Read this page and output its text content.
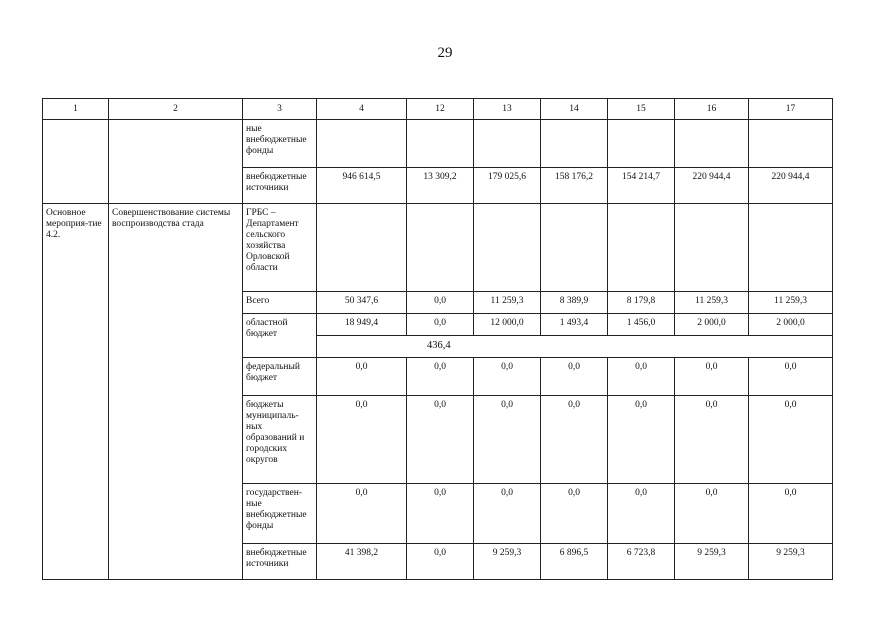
29
1	2	3	4	12	13	14	15	16	17
		ные внебюджетные фонды							
		внебюджетные источники	946 614,5	13 309,2	179 025,6	158 176,2	154 214,7	220 944,4	220 944,4
Основное мероприя-тие 4.2.	Совершенствование системы воспроизводства стада	ГРБС – Департамент сельского хозяйства Орловской области							
		Всего	50 347,6	0,0	11 259,3	8 389,9	8 179,8	11 259,3	11 259,3
		областной бюджет	18 949,4	0,0	12 000,0	1 493,4	1 456,0	2 000,0	2 000,0
			436,4						
		федеральный бюджет	0,0	0,0	0,0	0,0	0,0	0,0	0,0
		бюджеты муниципаль-ных образований и городских округов	0,0	0,0	0,0	0,0	0,0	0,0	0,0
		государствен-ные внебюджетные фонды	0,0	0,0	0,0	0,0	0,0	0,0	0,0
		внебюджетные источники	41 398,2	0,0	9 259,3	6 896,5	6 723,8	9 259,3	9 259,3
